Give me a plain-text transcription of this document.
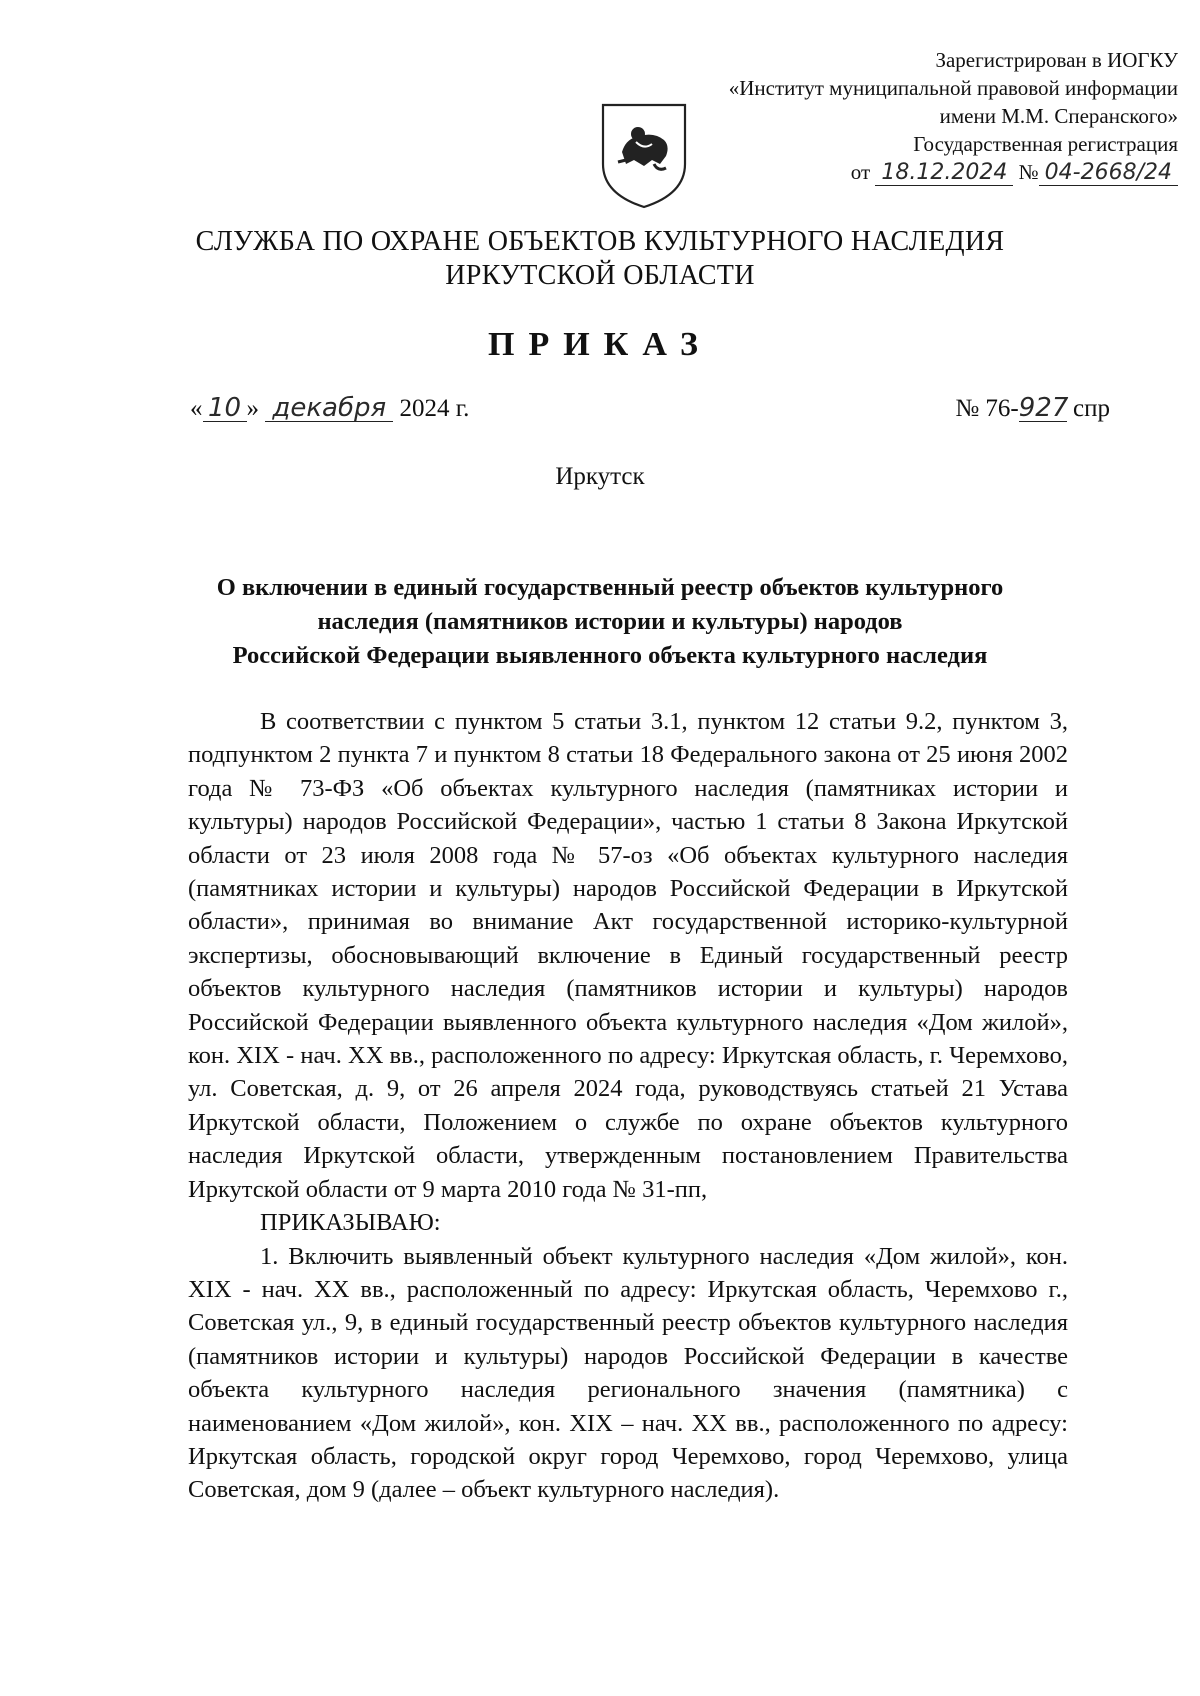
Зарегистрирован в ИОГКУ
«Институт муниципальной правовой информации
имени М.М. Сперанского»
Государственная регистрация
от 18.12.2024 № 04-2668/24
СЛУЖБА ПО ОХРАНЕ ОБЪЕКТОВ КУЛЬТУРНОГО НАСЛЕДИЯ
ИРКУТСКОЙ ОБЛАСТИ
ПРИКАЗ
« 10 » декабря 2024 г.	№ 76-927 спр
Иркутск
О включении в единый государственный реестр объектов культурного
наследия (памятников истории и культуры) народов
Российской Федерации выявленного объекта культурного наследия

В соответствии с пунктом 5 статьи 3.1, пунктом 12 статьи 9.2, пунктом 3, подпунктом 2 пункта 7 и пунктом 8 статьи 18 Федерального закона от 25 июня 2002 года № 73-ФЗ «Об объектах культурного наследия (памятниках истории и культуры) народов Российской Федерации», частью 1 статьи 8 Закона Иркутской области от 23 июля 2008 года № 57-оз «Об объектах культурного наследия (памятниках истории и культуры) народов Российской Федерации в Иркутской области», принимая во внимание Акт государственной историко-культурной экспертизы, обосновывающий включение в Единый государственный реестр объектов культурного наследия (памятников истории и культуры) народов Российской Федерации выявленного объекта культурного наследия «Дом жилой», кон. XIX - нач. XX вв., расположенного по адресу: Иркутская область, г. Черемхово, ул. Советская, д. 9, от 26 апреля 2024 года, руководствуясь статьей 21 Устава Иркутской области, Положением о службе по охране объектов культурного наследия Иркутской области, утвержденным постановлением Правительства Иркутской области от 9 марта 2010 года № 31-пп,

ПРИКАЗЫВАЮ:

1. Включить выявленный объект культурного наследия «Дом жилой», кон. XIX - нач. XX вв., расположенный по адресу: Иркутская область, Черемхово г., Советская ул., 9, в единый государственный реестр объектов культурного наследия (памятников истории и культуры) народов Российской Федерации в качестве объекта культурного наследия регионального значения (памятника) с наименованием «Дом жилой», кон. XIX – нач. XX вв., расположенного по адресу: Иркутская область, городской округ город Черемхово, город Черемхово, улица Советская, дом 9 (далее – объект культурного наследия).
